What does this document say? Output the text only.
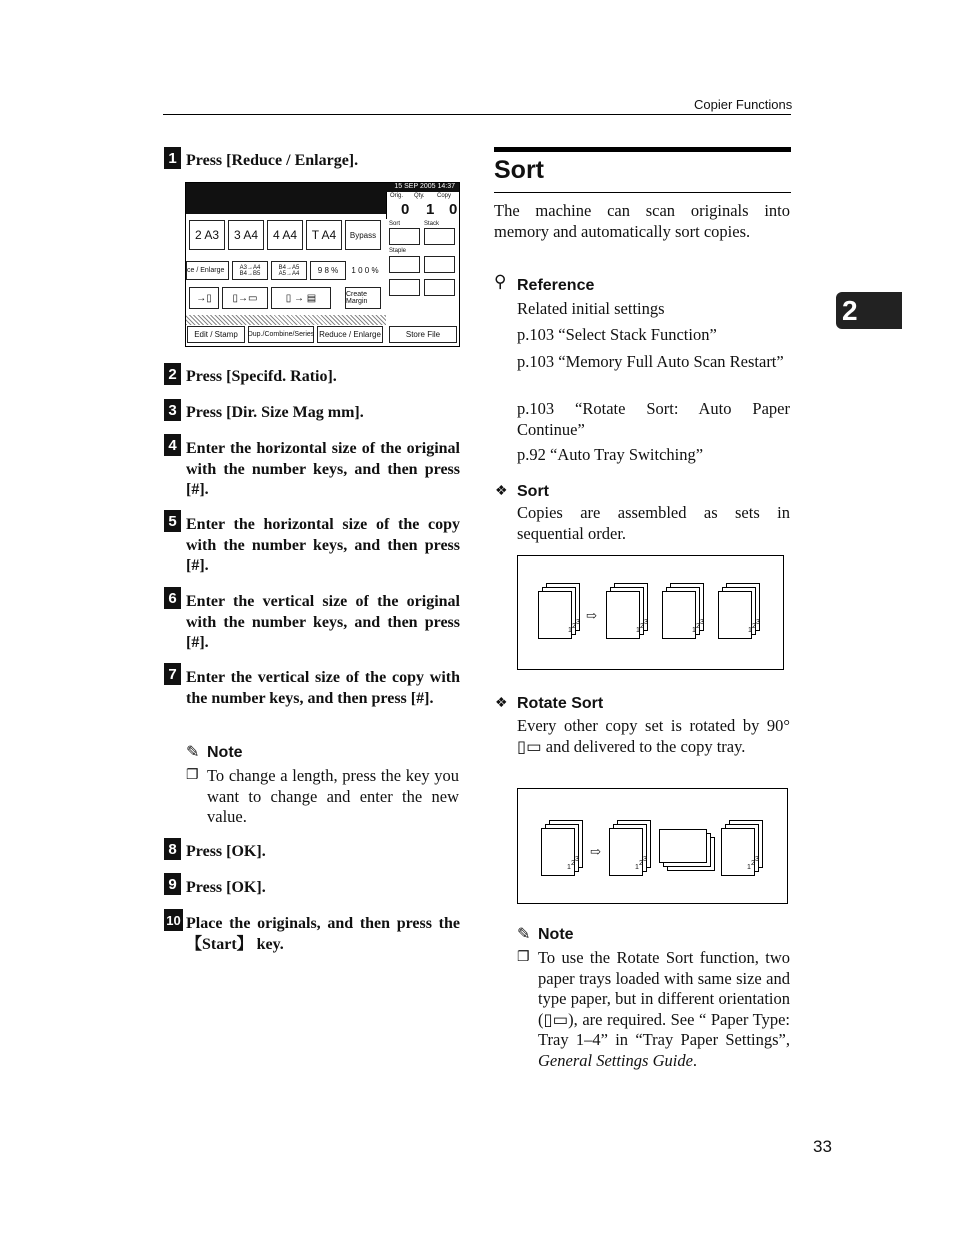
Copier Functions
2
33
1 Press [Reduce / Enlarge].
15 SEP 2005 14:37
Orig.
0
Qty.
1
Copy
0
2 A3	3 A4	4 A4	T A4	Bypass
Sort	Stack
Staple
ce / Enlarge	A3→A4
B4→B5
B4→A5
A5→A4	9 8 %	1 0 0 %
→▯ ▯→▭	▯ → ▤	Create Margin
Edit / Stamp	Dup./Combine/Series Reduce / Enlarge	Store File
2 Press [Specifd. Ratio].
3 Press [Dir. Size Mag mm].
4 Enter the horizontal size of the original with the number keys, and then press [#].
5 Enter the horizontal size of the copy with the number keys, and then press [#].
6 Enter the vertical size of the original with the number keys, and then press [#].
7 Enter the vertical size of the copy with the number keys, and then press [#].
✎ Note
❐ To change a length, press the key you want to change and enter the new value.
8 Press [OK].
9 Press [OK].
10 Place the originals, and then press the 【Start】 key.
Sort
The machine can scan originals into memory and automatically sort copies.
⚲ Reference
Related initial settings
p.103 “Select Stack Function”
p.103 “Memory Full Auto Scan Restart”
p.103 “Rotate Sort: Auto Paper Continue”
p.92 “Auto Tray Switching”
❖ Sort
Copies are assembled as sets in sequential order.
1
2
3 ⇨
1
2
3
1
2
3
1
2
3
❖ Rotate Sort
Every other copy set is rotated by 90° ▯▭ and delivered to the copy tray.
1
2
3
⇨
1
2
3
1
2
3
✎ Note
❐ To use the Rotate Sort function, two paper trays loaded with same size and type paper, but in different orientation (▯▭), are required. See “ Paper Type: Tray 1–4” in “Tray Paper Settings”, General Settings Guide.
